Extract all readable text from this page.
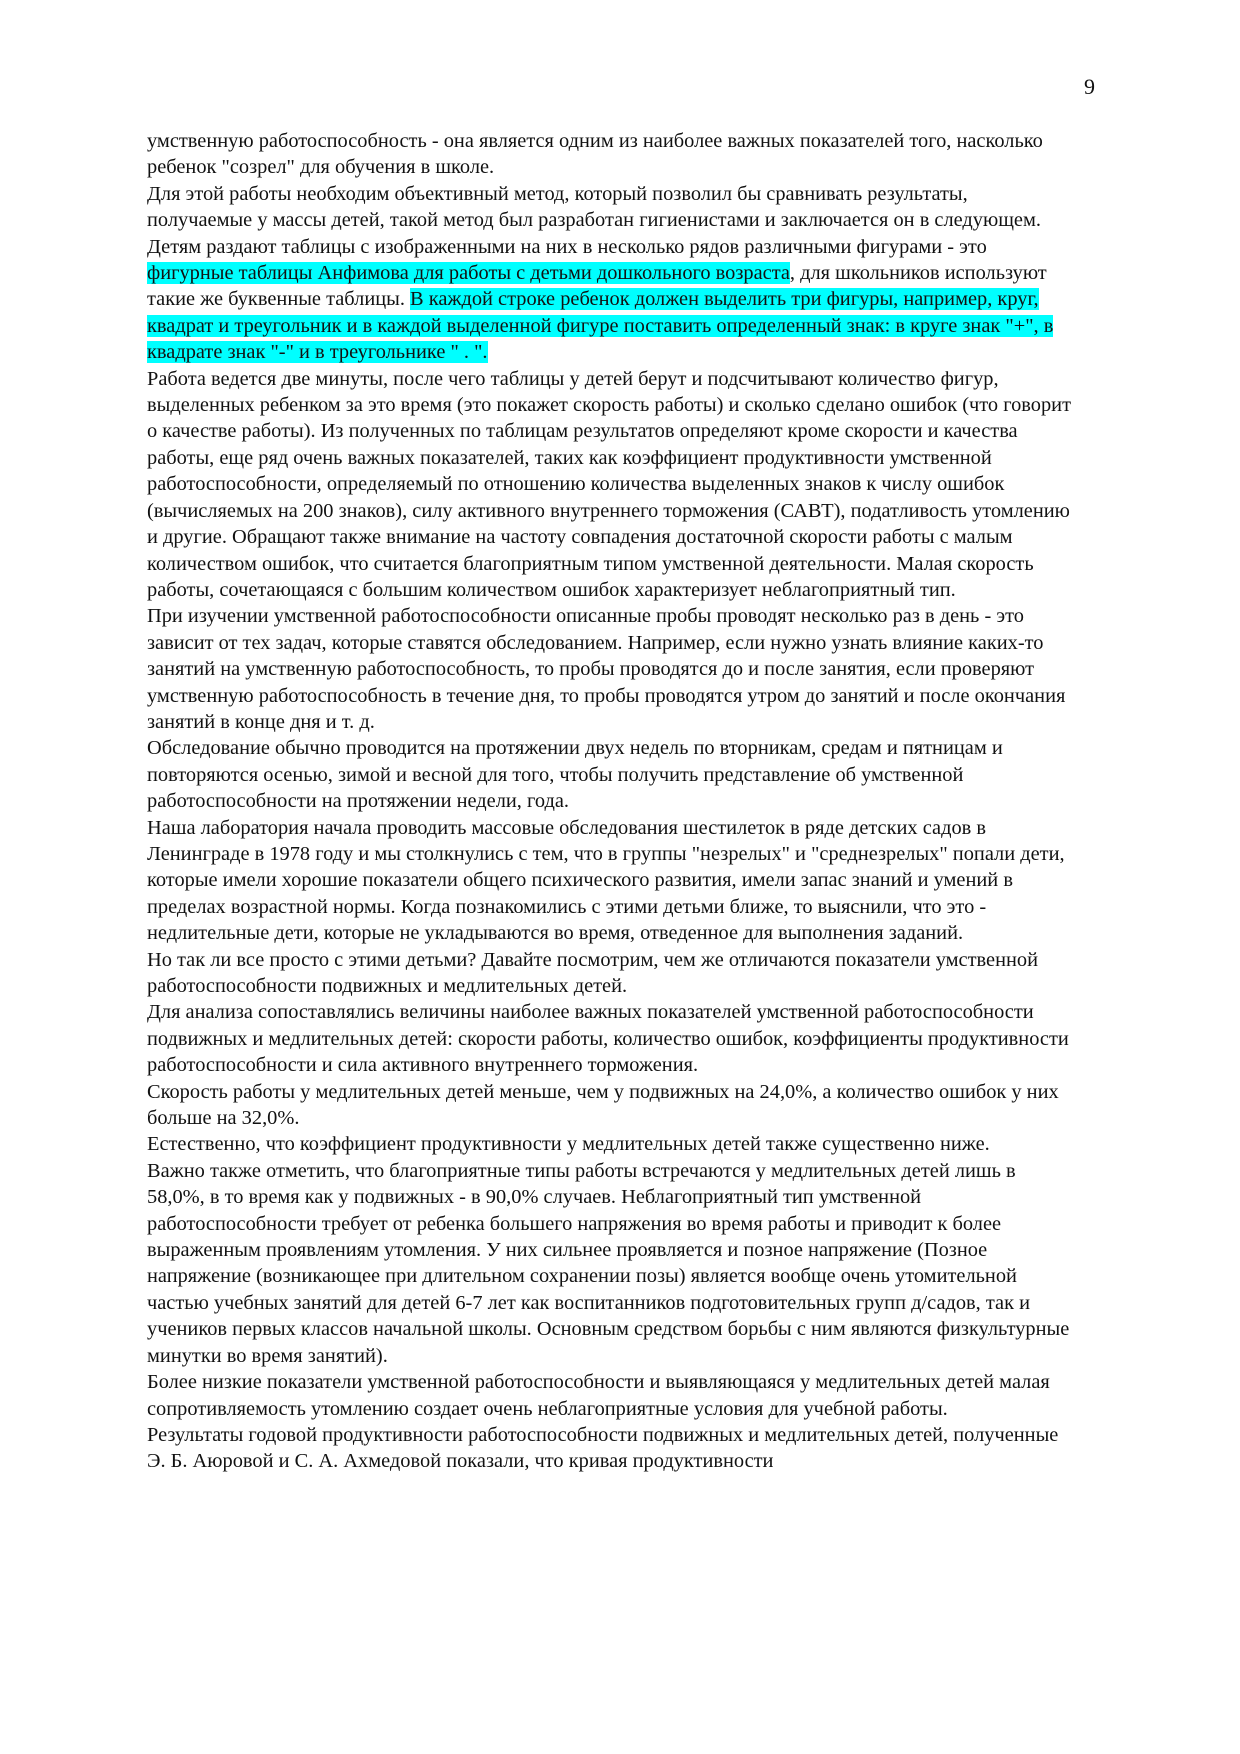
9

умственную работоспособность - она является одним из наиболее важных показателей того, насколько ребенок "созрел" для обучения в школе.

Для этой работы необходим объективный метод, который позволил бы сравнивать результаты, получаемые у массы детей, такой метод был разработан гигиенистами и заключается он в следующем. Детям раздают таблицы с изображенными на них в несколько рядов различными фигурами - это фигурные таблицы Анфимова для работы с детьми дошкольного возраста, для школьников используют такие же буквенные таблицы. В каждой строке ребенок должен выделить три фигуры, например, круг, квадрат и треугольник и в каждой выделенной фигуре поставить определенный знак: в круге знак "+", в квадрате знак "-" и в треугольнике " . ".

Работа ведется две минуты, после чего таблицы у детей берут и подсчитывают количество фигур, выделенных ребенком за это время (это покажет скорость работы) и сколько сделано ошибок (что говорит о качестве работы). Из полученных по таблицам результатов определяют кроме скорости и качества работы, еще ряд очень важных показателей, таких как коэффициент продуктивности умственной работоспособности, определяемый по отношению количества выделенных знаков к числу ошибок (вычисляемых на 200 знаков), силу активного внутреннего торможения (САВТ), податливость утомлению и другие. Обращают также внимание на частоту совпадения достаточной скорости работы с малым количеством ошибок, что считается благоприятным типом умственной деятельности. Малая скорость работы, сочетающаяся с большим количеством ошибок характеризует неблагоприятный тип.

При изучении умственной работоспособности описанные пробы проводят несколько раз в день - это зависит от тех задач, которые ставятся обследованием. Например, если нужно узнать влияние каких-то занятий на умственную работоспособность, то пробы проводятся до и после занятия, если проверяют умственную работоспособность в течение дня, то пробы проводятся утром до занятий и после окончания занятий в конце дня и т. д.

Обследование обычно проводится на протяжении двух недель по вторникам, средам и пятницам и повторяются осенью, зимой и весной для того, чтобы получить представление об умственной работоспособности на протяжении недели, года.

Наша лаборатория начала проводить массовые обследования шестилеток в ряде детских садов в Ленинграде в 1978 году и мы столкнулись с тем, что в группы "незрелых" и "среднезрелых" попали дети, которые имели хорошие показатели общего психического развития, имели запас знаний и умений в пределах возрастной нормы. Когда познакомились с этими детьми ближе, то выяснили, что это - недлительные дети, которые не укладываются во время, отведенное для выполнения заданий.

Но так ли все просто с этими детьми? Давайте посмотрим, чем же отличаются показатели умственной работоспособности подвижных и медлительных детей.

Для анализа сопоставлялись величины наиболее важных показателей умственной работоспособности подвижных и медлительных детей: скорости работы, количество ошибок, коэффициенты продуктивности работоспособности и сила активного внутреннего торможения.

Скорость работы у медлительных детей меньше, чем у подвижных на 24,0%, а количество ошибок у них больше на 32,0%.

Естественно, что коэффициент продуктивности у медлительных детей также существенно ниже.

Важно также отметить, что благоприятные типы работы встречаются у медлительных детей лишь в 58,0%, в то время как у подвижных - в 90,0% случаев. Неблагоприятный тип умственной работоспособности требует от ребенка большего напряжения во время работы и приводит к более выраженным проявлениям утомления. У них сильнее проявляется и позное напряжение (Позное напряжение (возникающее при длительном сохранении позы) является вообще очень утомительной частью учебных занятий для детей 6-7 лет как воспитанников подготовительных групп д/садов, так и учеников первых классов начальной школы. Основным средством борьбы с ним являются физкультурные минутки во время занятий).

Более низкие показатели умственной работоспособности и выявляющаяся у медлительных детей малая сопротивляемость утомлению создает очень неблагоприятные условия для учебной работы.

Результаты годовой продуктивности работоспособности подвижных и медлительных детей, полученные Э. Б. Аюровой и С. А. Ахмедовой показали, что кривая продуктивности
